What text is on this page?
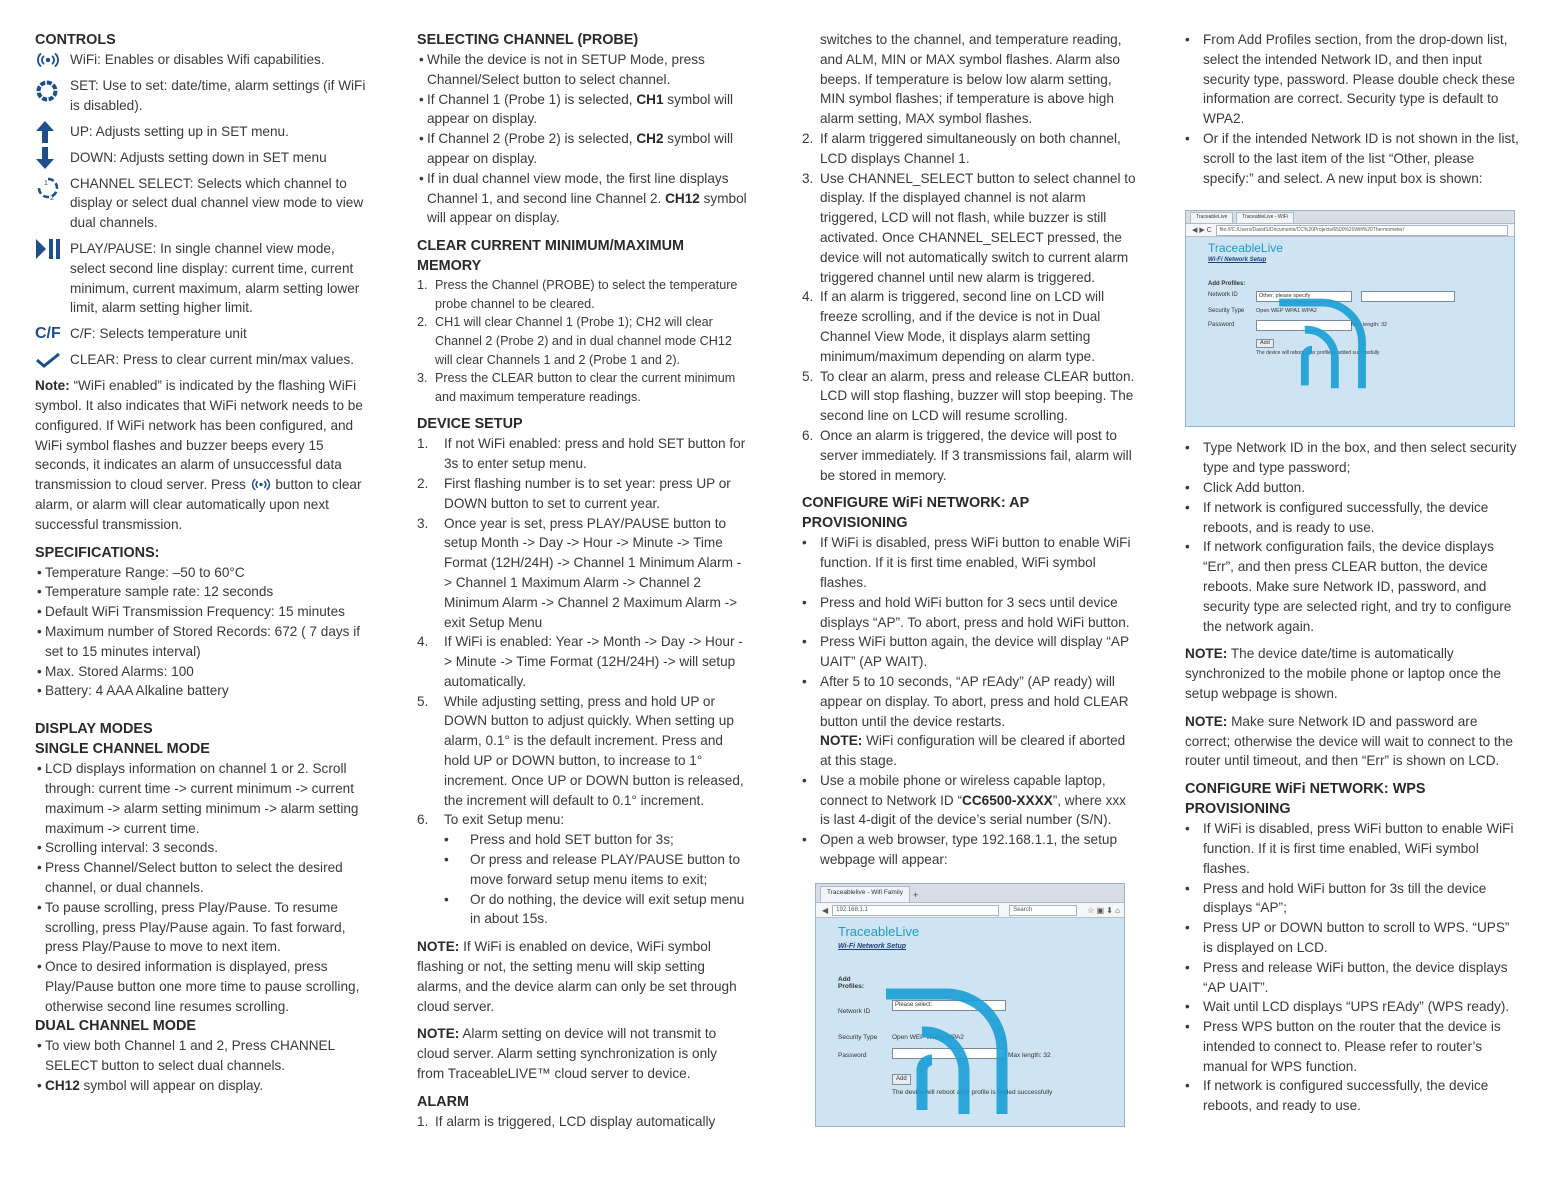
CONTROLS
WiFi: Enables or disables Wifi capabilities.
SET: Use to set: date/time, alarm settings (if WiFi is disabled).
UP: Adjusts setting up in SET menu.
DOWN: Adjusts setting down in SET menu
2
1 CHANNEL SELECT: Selects which channel to display or select dual channel view mode to view dual channels.
PLAY/PAUSE: In single channel view mode, select second line display: current time, current minimum, current maximum, alarm setting lower limit, alarm setting higher limit.
C/F C/F: Selects temperature unit
CLEAR: Press to clear current min/max values.

Note: “WiFi enabled” is indicated by the flashing WiFi symbol. It also indicates that WiFi network needs to be configured. If WiFi network has been configured, and WiFi symbol flashes and buzzer beeps every 15 seconds, it indicates an alarm of unsuccessful data transmission to cloud server. Press button to clear alarm, or alarm will clear automatically upon next successful transmission.

SPECIFICATIONS:
• Temperature Range: –50 to 60°C
• Temperature sample rate: 12 seconds
• Default WiFi Transmission Frequency: 15 minutes
• Maximum number of Stored Records: 672 ( 7 days if set to 15 minutes interval)
• Max. Stored Alarms: 100
• Battery: 4 AAA Alkaline battery
DISPLAY MODES
SINGLE CHANNEL MODE
• LCD displays information on channel 1 or 2. Scroll through: current time -> current minimum -> current maximum -> alarm setting minimum -> alarm setting maximum -> current time.
• Scrolling interval: 3 seconds.
• Press Channel/Select button to select the desired channel, or dual channels.
• To pause scrolling, press Play/Pause. To resume scrolling, press Play/Pause again. To fast forward, press Play/Pause to move to next item.
• Once to desired information is displayed, press Play/Pause button one more time to pause scrolling, otherwise second line resumes scrolling.
DUAL CHANNEL MODE
• To view both Channel 1 and 2, Press CHANNEL SELECT button to select dual channels.
• CH12 symbol will appear on display.
SELECTING CHANNEL (PROBE)
• While the device is not in SETUP Mode, press Channel/Select button to select channel.
• If Channel 1 (Probe 1) is selected, CH1 symbol will appear on display.
• If Channel 2 (Probe 2) is selected, CH2 symbol will appear on display.
• If in dual channel view mode, the first line displays Channel 1, and second line Channel 2. CH12 symbol will appear on display.
CLEAR CURRENT MINIMUM/MAXIMUM MEMORY
1. Press the Channel (PROBE) to select the temperature probe channel to be cleared.
2. CH1 will clear Channel 1 (Probe 1); CH2 will clear Channel 2 (Probe 2) and in dual channel mode CH12 will clear Channels 1 and 2 (Probe 1 and 2).
3. Press the CLEAR button to clear the current minimum and maximum temperature readings.
DEVICE SETUP
1.	If not WiFi enabled: press and hold SET button for 3s to enter setup menu.
2.	First flashing number is to set year: press UP or DOWN button to set to current year.
3.	Once year is set, press PLAY/PAUSE button to setup Month -> Day -> Hour -> Minute -> Time Format (12H/24H) -> Channel 1 Minimum Alarm -> Channel 1 Maximum Alarm -> Channel 2 Minimum Alarm -> Channel 2 Maximum Alarm -> exit Setup Menu
4.	If WiFi is enabled: Year -> Month -> Day -> Hour -> Minute -> Time Format (12H/24H) -> will setup automatically.
5.	While adjusting setting, press and hold UP or DOWN button to adjust quickly. When setting up alarm, 0.1° is the default increment. Press and hold UP or DOWN button, to increase to 1° increment. Once UP or DOWN button is released, the increment will default to 0.1° increment.
6.	To exit Setup menu:
•	Press and hold SET button for 3s;
•	Or press and release PLAY/PAUSE button to move forward setup menu items to exit;
•	Or do nothing, the device will exit setup menu in about 15s.

NOTE: If WiFi is enabled on device, WiFi symbol flashing or not, the setting menu will skip setting alarms, and the device alarm can only be set through cloud server.

NOTE: Alarm setting on device will not transmit to cloud server. Alarm setting synchronization is only from TraceableLIVE™ cloud server to device.

ALARM
1. If alarm is triggered, LCD display automatically
switches to the channel, and temperature reading, and ALM, MIN or MAX symbol flashes. Alarm also beeps. If temperature is below low alarm setting, MIN symbol flashes; if temperature is above high alarm setting, MAX symbol flashes.
2. If alarm triggered simultaneously on both channel, LCD displays Channel 1.
3. Use CHANNEL_SELECT button to select channel to display. If the displayed channel is not alarm triggered, LCD will not flash, while buzzer is still activated. Once CHANNEL_SELECT pressed, the device will not automatically switch to current alarm triggered channel until new alarm is triggered.
4. If an alarm is triggered, second line on LCD will freeze scrolling, and if the device is not in Dual Channel View Mode, it displays alarm setting minimum/maximum depending on alarm type.
5. To clear an alarm, press and release CLEAR button. LCD will stop flashing, buzzer will stop beeping. The second line on LCD will resume scrolling.
6. Once an alarm is triggered, the device will post to server immediately. If 3 transmissions fail, alarm will be stored in memory.
CONFIGURE WiFi NETWORK: AP PROVISIONING
• If WiFi is disabled, press WiFi button to enable WiFi function. If it is first time enabled, WiFi symbol flashes.
• Press and hold WiFi button for 3 secs until device displays “AP”. To abort, press and hold WiFi button.
• Press WiFi button again, the device will display “AP UAIT” (AP WAIT).
• After 5 to 10 seconds, “AP rEAdy” (AP ready) will appear on display. To abort, press and hold CLEAR button until the device restarts.
NOTE: WiFi configuration will be cleared if aborted at this stage.
• Use a mobile phone or wireless capable laptop, connect to Network ID “CC6500-XXXX”, where xxx is last 4-digit of the device’s serial number (S/N).
• Open a web browser, type 192.168.1.1, the setup webpage will appear:
Traceablelive - Wifi Family	+
◀	192.168.1.1	Search	☆ ▣ ⬇ ⌂
TraceableLive
Wi-Fi Network Setup
Add Profiles:
Network ID
Please select:
Security Type Open WEP WPA1 WPA2
Password	Max length: 32
Add
The device will reboot after profile is added successfully
• From Add Profiles section, from the drop-down list, select the intended Network ID, and then input security type, password. Please double check these information are correct. Security type is default to WPA2.
• Or if the intended Network ID is not shown in the list, scroll to the last item of the list “Other, please specify:” and select. A new input box is shown:
• Type Network ID in the box, and then select security type and type password;
• Click Add button.
• If network is configured successfully, the device reboots, and is ready to use.
• If network configuration fails, the device displays “Err”, and then press CLEAR button, the device reboots. Make sure Network ID, password, and security type are selected right, and try to configure the network again.

NOTE: The device date/time is automatically synchronized to the mobile phone or laptop once the setup webpage is shown.

NOTE: Make sure Network ID and password are correct; otherwise the device will wait to connect to the router until timeout, and then “Err” is shown on LCD.

CONFIGURE WiFi NETWORK: WPS PROVISIONING
• If WiFi is disabled, press WiFi button to enable WiFi function. If it is first time enabled, WiFi symbol flashes.
• Press and hold WiFi button for 3s till the device displays “AP”;
• Press UP or DOWN button to scroll to WPS. “UPS” is displayed on LCD.
• Press and release WiFi button, the device displays “AP UAIT”.
• Wait until LCD displays “UPS rEAdy” (WPS ready).
• Press WPS button on the router that the device is intended to connect to. Please refer to router’s manual for WPS function.
• If network is configured successfully, the device reboots, and ready to use.
TraceableLive	TraceableLive - WiFi
◀ ▶ C	file:///C:/Users/DavidS/Documents/CC%20Projects/6500%20Wifi%20Thermometer/
TraceableLive
Wi-Fi Network Setup
Add Profiles:
Network ID	Other, please specify
Security Type Open WEP WPA1 WPA2
Password	Max length: 32
Add
The device will reboot after profile is added successfully
